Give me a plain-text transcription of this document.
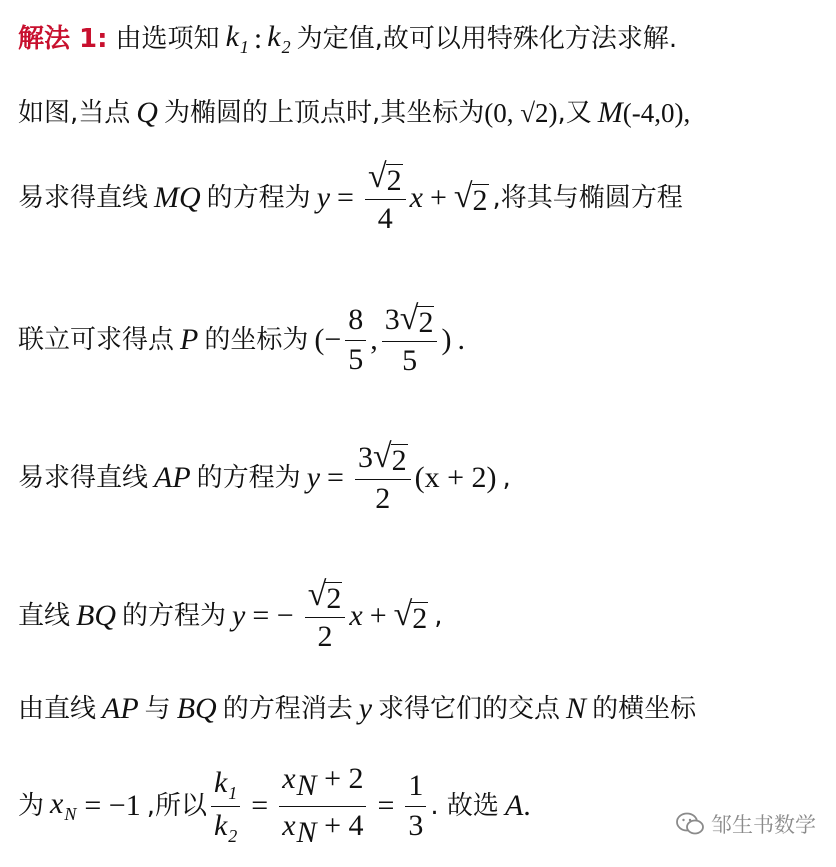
解法 1: 由选项知 $k_1$ : $k_2$ 为定值,故可以用特殊化方法求解.
如图,当点 Q 为椭圆的上顶点时,其坐标为 (0, √2) ,又 M (-4,0),
易求得直线 MQ 的方程为 $y = \frac{√ 2}{4}$ x + √ 2 ,将其与椭圆方程
联立可求得点 P 的坐标为 (− $\frac{8}{5}$ , $\frac{3 √ 2}{5}$ ) .
易求得直线 AP 的方程为 $y = \frac{3 √ 2}{2} (x + 2)$ ,
直线 BQ 的方程为 y = − $\frac{√ 2}{2}$ x + √ 2 ,
由直线 AP 与 BQ 的方程消去 y 求得它们的交点 N 的横坐标
为 $x_N = -1$ ,所以 $\frac{k_1}{k_2} = \frac{x_N + 2}{x_N + 4} = \frac{1}{3}$ . 故选 A .
邹生书数学
